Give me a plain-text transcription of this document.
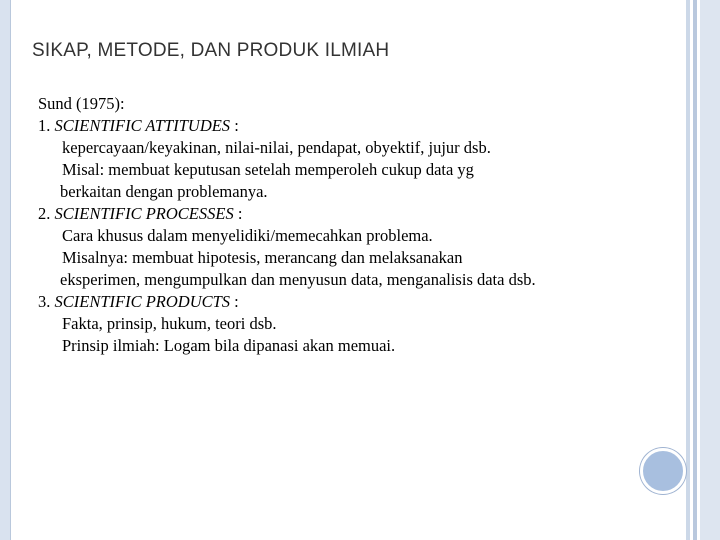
SIKAP, METODE, DAN PRODUK ILMIAH

Sund (1975):

1. SCIENTIFIC ATTITUDES :

kepercayaan/keyakinan, nilai-nilai, pendapat, obyektif, jujur dsb.

Misal: membuat keputusan setelah memperoleh cukup data yg

berkaitan dengan problemanya.

2. SCIENTIFIC PROCESSES :

Cara khusus dalam menyelidiki/memecahkan problema.

Misalnya: membuat hipotesis, merancang dan melaksanakan

eksperimen, mengumpulkan dan menyusun data, menganalisis data dsb.

3. SCIENTIFIC PRODUCTS :

Fakta, prinsip, hukum, teori dsb.

Prinsip ilmiah: Logam bila dipanasi akan memuai.
